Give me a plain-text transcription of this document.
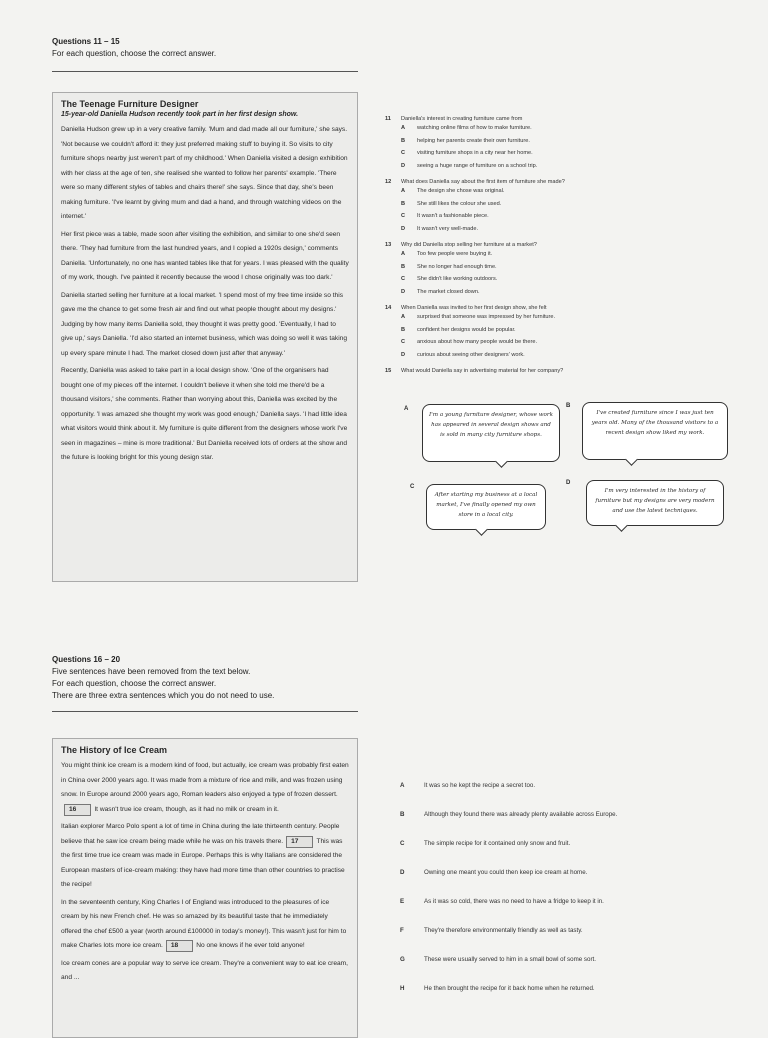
Questions 11 – 15
For each question, choose the correct answer.
The Teenage Furniture Designer
15-year-old Daniella Hudson recently took part in her first design show.

Daniella Hudson grew up in a very creative family. 'Mum and dad made all our furniture,' she says. 'Not because we couldn't afford it: they just preferred making stuff to buying it. So visits to city furniture shops nearby just weren't part of my childhood.' When Daniella visited a design exhibition with her class at the age of ten, she realised she wanted to follow her parents' example. 'There were so many different styles of tables and chairs there!' she says. Since that day, she's been making furniture. 'I've learnt by giving mum and dad a hand, and through watching videos on the internet.'

Her first piece was a table, made soon after visiting the exhibition, and similar to one she'd seen there. 'They had furniture from the last hundred years, and I copied a 1920s design,' comments Daniella. 'Unfortunately, no one has wanted tables like that for years. I was pleased with the quality of my work, though. I've painted it recently because the wood I chose originally was too dark.'

Daniella started selling her furniture at a local market. 'I spend most of my free time inside so this gave me the chance to get some fresh air and find out what people thought about my designs.' Judging by how many items Daniella sold, they thought it was pretty good. 'Eventually, I had to give up,' says Daniella. 'I'd also started an internet business, which was doing so well it was taking up every spare minute I had. The market closed down just after that anyway.'

Recently, Daniella was asked to take part in a local design show. 'One of the organisers had bought one of my pieces off the internet. I couldn't believe it when she told me there'd be a thousand visitors,' she comments. Rather than worrying about this, Daniella was excited by the opportunity. 'I was amazed she thought my work was good enough,' Daniella says. 'I had little idea what visitors would think about it. My furniture is quite different from the designers whose work I've seen in magazines – mine is more traditional.' But Daniella received lots of orders at the show and the future is looking bright for this young design star.

11	Daniella's interest in creating furniture came from
A	watching online films of how to make furniture.
B	helping her parents create their own furniture.
C	visiting furniture shops in a city near her home.
D	seeing a huge range of furniture on a school trip.
12	What does Daniella say about the first item of furniture she made?
A	The design she chose was original.
B	She still likes the colour she used.
C	It wasn't a fashionable piece.
D	It wasn't very well-made.
13	Why did Daniella stop selling her furniture at a market?
A	Too few people were buying it.
B	She no longer had enough time.
C	She didn't like working outdoors.
D	The market closed down.
14	When Daniella was invited to her first design show, she felt
A	surprised that someone was impressed by her furniture.
B	confident her designs would be popular.
C	anxious about how many people would be there.
D	curious about seeing other designers' work.
15	What would Daniella say in advertising material for her company?
A
I'm a young furniture designer, whose work has appeared in several design shows and is sold in many city furniture shops.
B
I've created furniture since I was just ten years old. Many of the thousand visitors to a recent design show liked my work.
C
After starting my business at a local market, I've finally opened my own store in a local city.
D
I'm very interested in the history of furniture but my designs are very modern and use the latest techniques.
Questions 16 – 20
Five sentences have been removed from the text below.
For each question, choose the correct answer.
There are three extra sentences which you do not need to use.
The History of Ice Cream

You might think ice cream is a modern kind of food, but actually, ice cream was probably first eaten in China over 2000 years ago. It was made from a mixture of rice and milk, and was frozen using snow. In Europe around 2000 years ago, Roman leaders also enjoyed a type of frozen dessert.16	It wasn't true ice cream, though, as it had no milk or cream in it.

Italian explorer Marco Polo spent a lot of time in China during the late thirteenth century. People believe that he saw ice cream being made while he was on his travels there. 17	This was the first time true ice cream was made in Europe. Perhaps this is why Italians are considered the European masters of ice-cream making: they have had more time than other countries to practise the recipe!

In the seventeenth century, King Charles I of England was introduced to the pleasures of ice cream by his new French chef. He was so amazed by its beautiful taste that he immediately offered the chef £500 a year (worth around £100000 in today's money!). This wasn't just for him to make Charles lots more ice cream. 18	No one knows if he ever told anyone!

Ice cream cones are a popular way to serve ice cream. They're a convenient way to eat ice cream, and ...

A	It was so he kept the recipe a secret too.
B	Although they found there was already plenty available across Europe.
C	The simple recipe for it contained only snow and fruit.
D	Owning one meant you could then keep ice cream at home.
E	As it was so cold, there was no need to have a fridge to keep it in.
F	They're therefore environmentally friendly as well as tasty.
G	These were usually served to him in a small bowl of some sort.
H	He then brought the recipe for it back home when he returned.
